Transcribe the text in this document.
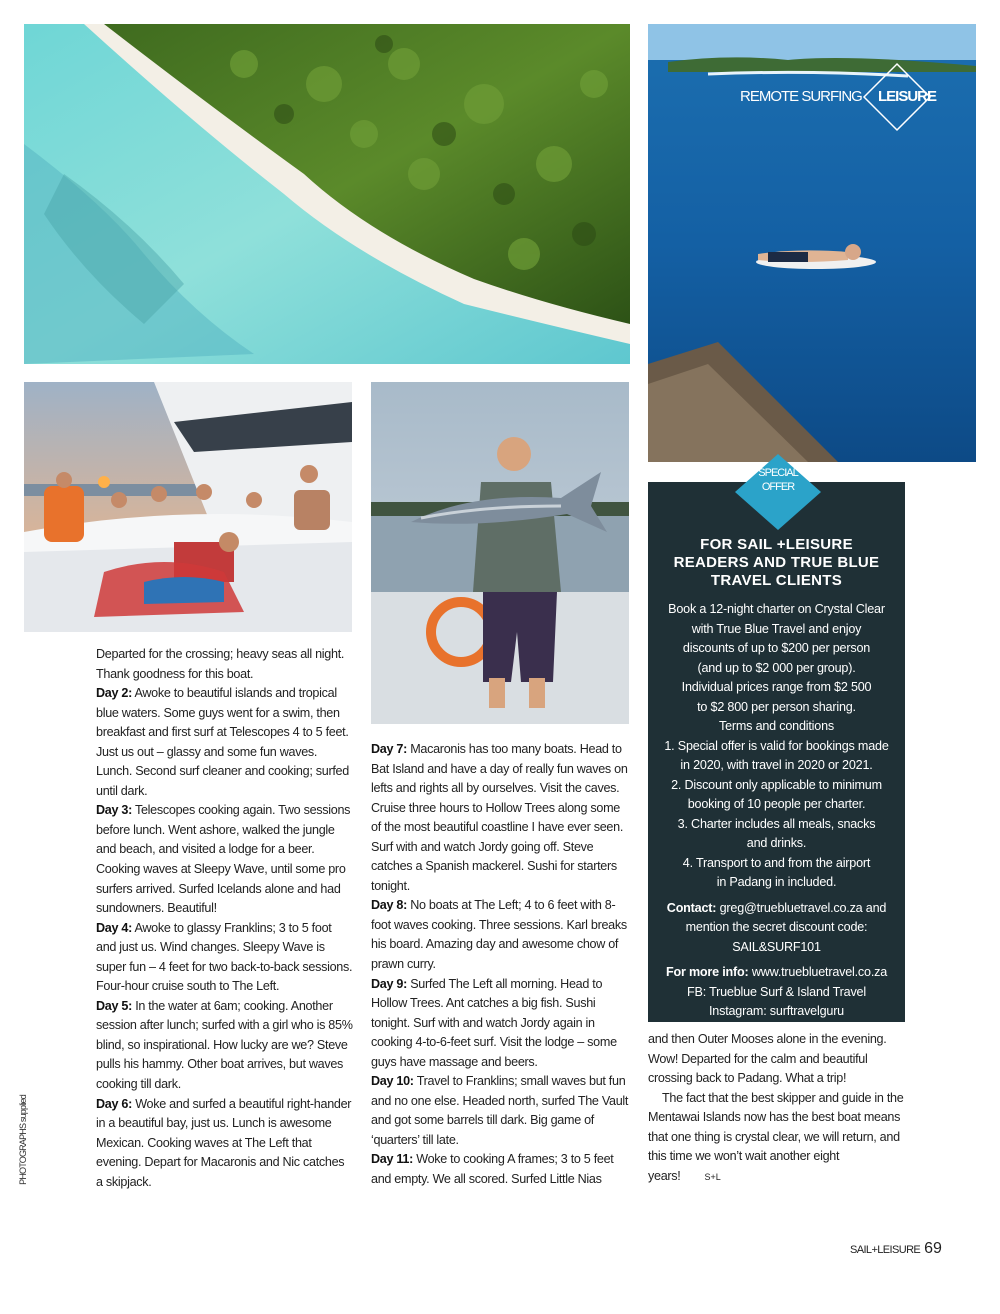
REMOTE SURFING LEISURE

Departed for the crossing; heavy seas all night. Thank goodness for this boat.

Day 2: Awoke to beautiful islands and tropical blue waters. Some guys went for a swim, then breakfast and first surf at Telescopes 4 to 5 feet. Just us out – glassy and some fun waves. Lunch. Second surf cleaner and cooking; surfed until dark.

Day 3: Telescopes cooking again. Two sessions before lunch. Went ashore, walked the jungle and beach, and visited a lodge for a beer. Cooking waves at Sleepy Wave, until some pro surfers arrived. Surfed Icelands alone and had sundowners. Beautiful!

Day 4: Awoke to glassy Franklins; 3 to 5 foot and just us. Wind changes. Sleepy Wave is super fun – 4 feet for two back-to-back sessions. Four-hour cruise south to The Left.

Day 5: In the water at 6am; cooking. Another session after lunch; surfed with a girl who is 85% blind, so inspirational. How lucky are we? Steve pulls his hammy. Other boat arrives, but waves cooking till dark.

Day 6: Woke and surfed a beautiful right-hander in a beautiful bay, just us. Lunch is awesome Mexican. Cooking waves at The Left that evening. Depart for Macaronis and Nic catches a skipjack.

Day 7: Macaronis has too many boats. Head to Bat Island and have a day of really fun waves on lefts and rights all by ourselves. Visit the caves. Cruise three hours to Hollow Trees along some of the most beautiful coastline I have ever seen. Surf with and watch Jordy going off. Steve catches a Spanish mackerel. Sushi for starters tonight.

Day 8: No boats at The Left; 4 to 6 feet with 8-foot waves cooking. Three sessions. Karl breaks his board. Amazing day and awesome chow of prawn curry.

Day 9: Surfed The Left all morning. Head to Hollow Trees. Ant catches a big fish. Sushi tonight. Surf with and watch Jordy again in cooking 4-to-6-feet surf. Visit the lodge – some guys have massage and beers.

Day 10: Travel to Franklins; small waves but fun and no one else. Headed north, surfed The Vault and got some barrels till dark. Big game of ‘quarters’ till late.

Day 11: Woke to cooking A frames; 3 to 5 feet and empty. We all scored. Surfed Little Nias

FOR SAIL +LEISURE
READERS AND TRUE BLUE
TRAVEL CLIENTS

Book a 12-night charter on Crystal Clear

with True Blue Travel and enjoy

discounts of up to $200 per person

(and up to $2 000 per group).

Individual prices range from $2 500

to $2 800 per person sharing.

Terms and conditions

1. Special offer is valid for bookings made

in 2020, with travel in 2020 or 2021.

2. Discount only applicable to minimum

booking of 10 people per charter.

3. Charter includes all meals, snacks

and drinks.

4. Transport to and from the airport

in Padang in included.

Contact: greg@truebluetravel.co.za and

mention the secret discount code:

SAIL&SURF101

For more info: www.truebluetravel.co.za

FB: Trueblue Surf & Island Travel

Instagram: surftravelguru

SPECIAL
OFFER

and then Outer Mooses alone in the evening. Wow! Departed for the calm and beautiful crossing back to Padang. What a trip!

The fact that the best skipper and guide in the Mentawai Islands now has the best boat means that one thing is crystal clear, we will return, and this time we won’t wait another eight years!	S+L

PHOTOGRAPHS supplied
SAIL+LEISURE 69
